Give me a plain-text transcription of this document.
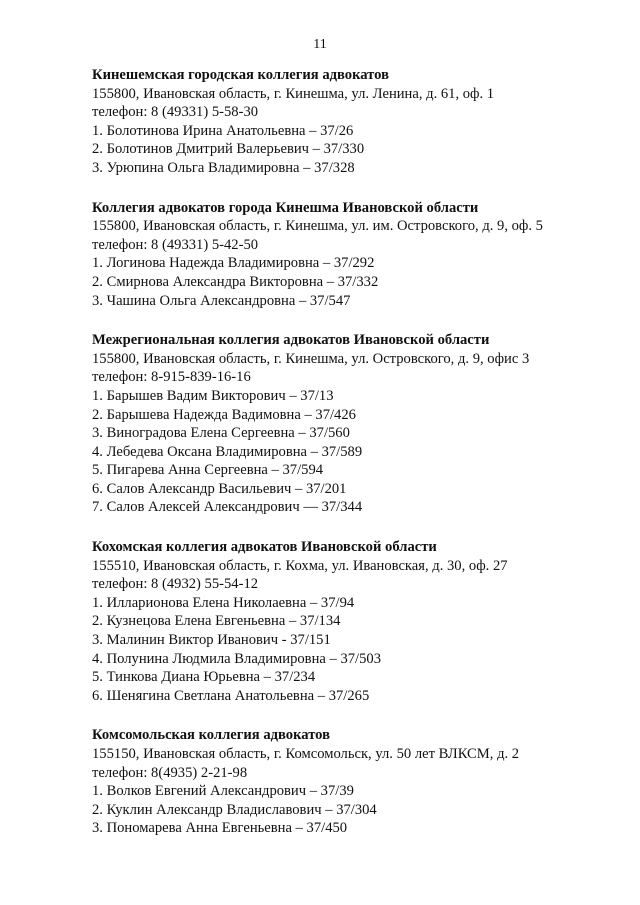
11
Кинешемская городская коллегия адвокатов
155800, Ивановская область, г. Кинешма, ул. Ленина, д. 61, оф. 1
телефон: 8 (49331) 5-58-30
1. Болотинова Ирина Анатольевна – 37/26
2. Болотинов Дмитрий Валерьевич – 37/330
3. Урюпина Ольга Владимировна – 37/328
Коллегия адвокатов города Кинешма Ивановской области
155800, Ивановская область, г. Кинешма, ул. им. Островского, д. 9, оф. 5
телефон: 8 (49331) 5-42-50
1. Логинова Надежда Владимировна – 37/292
2. Смирнова Александра Викторовна – 37/332
3. Чашина Ольга Александровна – 37/547
Межрегиональная коллегия адвокатов Ивановской области
155800, Ивановская область, г. Кинешма, ул. Островского, д. 9, офис 3
телефон: 8-915-839-16-16
1. Барышев Вадим Викторович – 37/13
2. Барышева Надежда Вадимовна – 37/426
3. Виноградова Елена Сергеевна – 37/560
4. Лебедева Оксана Владимировна – 37/589
5. Пигарева Анна Сергеевна – 37/594
6. Салов Александр Васильевич – 37/201
7. Салов Алексей Александрович — 37/344
Кохомская коллегия адвокатов Ивановской области
155510, Ивановская область, г. Кохма, ул. Ивановская, д. 30, оф. 27
телефон: 8 (4932) 55-54-12
1. Илларионова Елена Николаевна – 37/94
2. Кузнецова Елена Евгеньевна – 37/134
3. Малинин Виктор Иванович - 37/151
4. Полунина Людмила Владимировна – 37/503
5. Тинкова Диана Юрьевна – 37/234
6. Шенягина Светлана Анатольевна – 37/265
Комсомольская коллегия адвокатов
155150, Ивановская область, г. Комсомольск, ул. 50 лет ВЛКСМ, д. 2
телефон: 8(4935) 2-21-98
1. Волков Евгений Александрович – 37/39
2. Куклин Александр Владиславович – 37/304
3. Пономарева Анна Евгеньевна – 37/450
